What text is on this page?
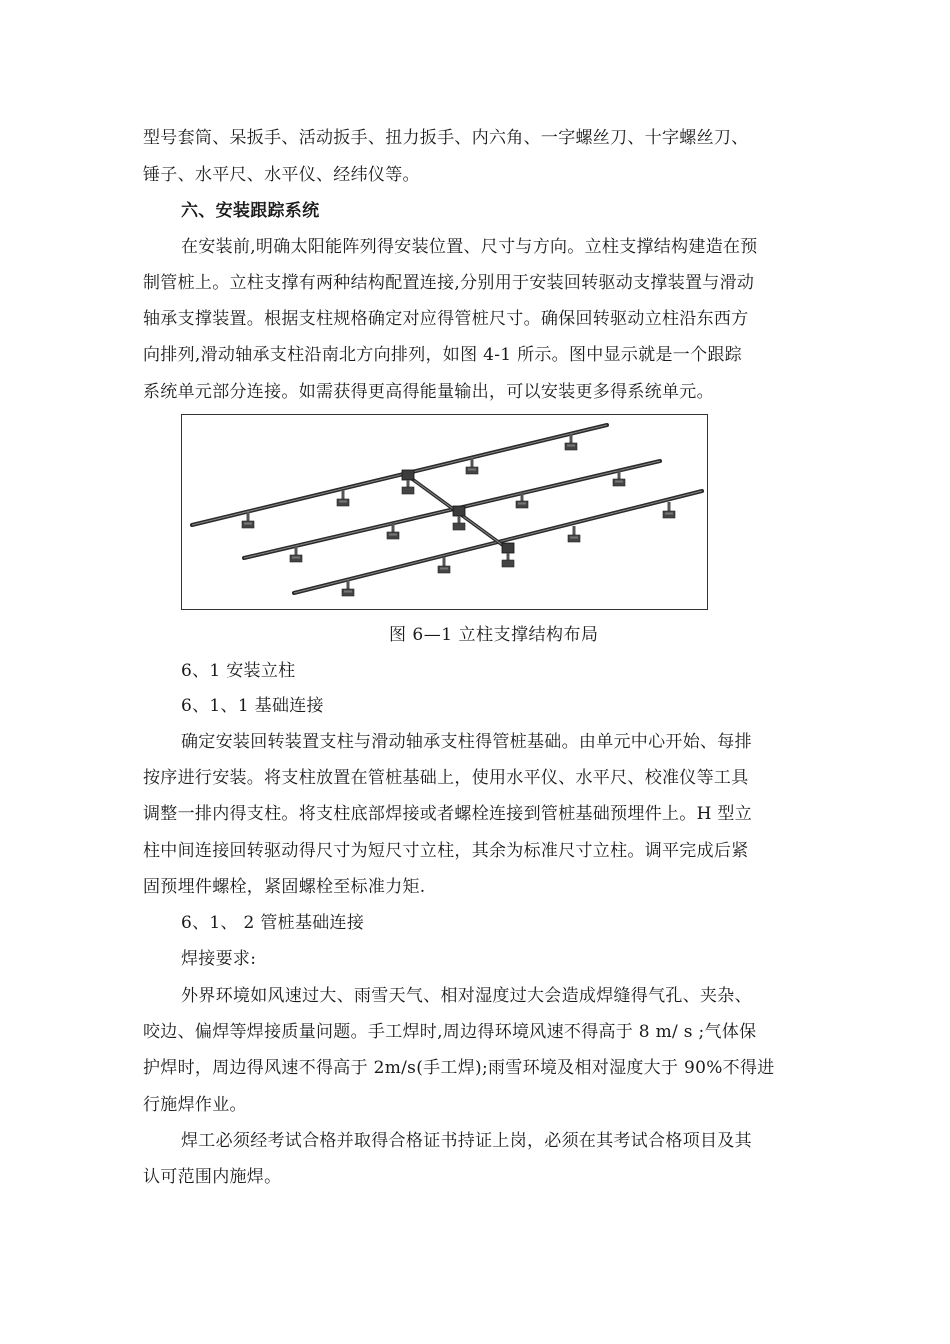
型号套筒、呆扳手、活动扳手、扭力扳手、内六角、一字螺丝刀、十字螺丝刀、
锤子、水平尺、水平仪、经纬仪等。
六、安装跟踪系统
在安装前,明确太阳能阵列得安装位置、尺寸与方向。立柱支撑结构建造在预
制管桩上。立柱支撑有两种结构配置连接,分别用于安装回转驱动支撑装置与滑动
轴承支撑装置。根据支柱规格确定对应得管桩尺寸。确保回转驱动立柱沿东西方
向排列,滑动轴承支柱沿南北方向排列，如图 4-1 所示。图中显示就是一个跟踪
系统单元部分连接。如需获得更高得能量输出，可以安装更多得系统单元。
图 6—1 立柱支撑结构布局
6、1 安装立柱
6、1、1 基础连接
确定安装回转装置支柱与滑动轴承支柱得管桩基础。由单元中心开始、每排
按序进行安装。将支柱放置在管桩基础上，使用水平仪、水平尺、校准仪等工具
调整一排内得支柱。将支柱底部焊接或者螺栓连接到管桩基础预埋件上。H 型立
柱中间连接回转驱动得尺寸为短尺寸立柱，其余为标准尺寸立柱。调平完成后紧
固预埋件螺栓，紧固螺栓至标准力矩.
6、1、 2 管桩基础连接
焊接要求:
外界环境如风速过大、雨雪天气、相对湿度过大会造成焊缝得气孔、夹杂、
咬边、偏焊等焊接质量问题。手工焊时,周边得环境风速不得高于 8 m/ s ;气体保
护焊时，周边得风速不得高于 2m/s(手工焊);雨雪环境及相对湿度大于 90%不得进
行施焊作业。
焊工必须经考试合格并取得合格证书持证上岗，必须在其考试合格项目及其
认可范围内施焊。
